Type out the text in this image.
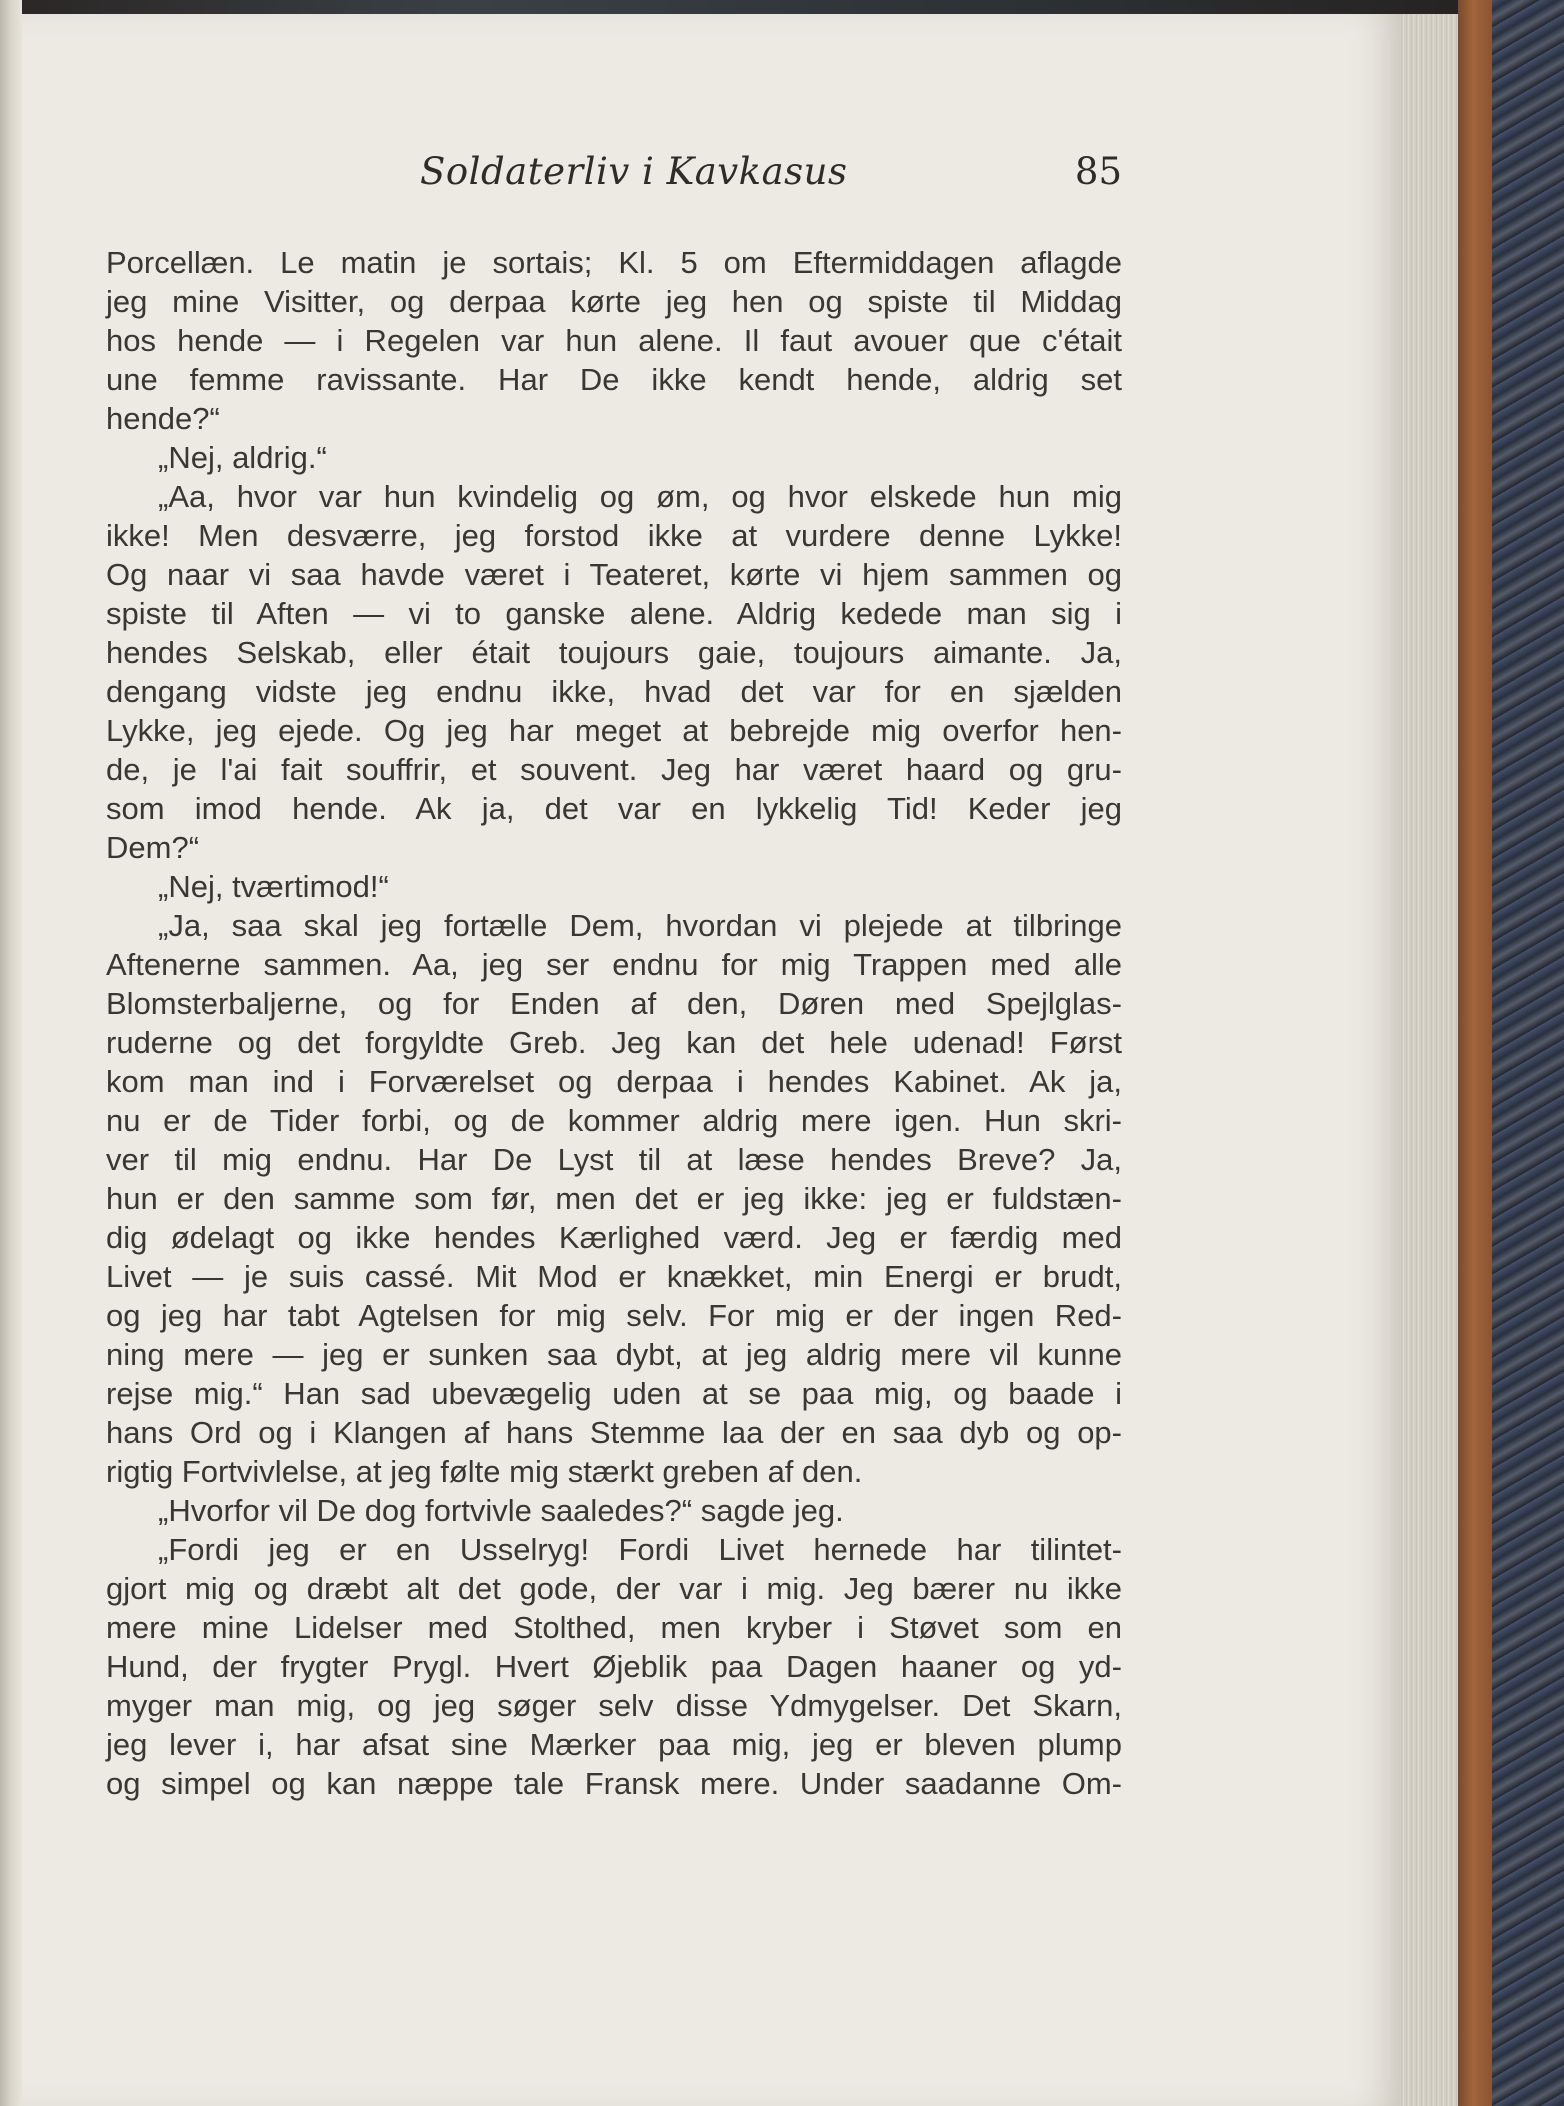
Soldaterliv i Kavkasus	85
Porcellæn. Le matin je sortais; Kl. 5 om Eftermiddagen aflagde
jeg mine Visitter, og derpaa kørte jeg hen og spiste til Middag
hos hende — i Regelen var hun alene. Il faut avouer que c'était
une femme ravissante. Har De ikke kendt hende, aldrig set
hende?“
„Nej, aldrig.“
„Aa, hvor var hun kvindelig og øm, og hvor elskede hun mig
ikke! Men desværre, jeg forstod ikke at vurdere denne Lykke!
Og naar vi saa havde været i Teateret, kørte vi hjem sammen og
spiste til Aften — vi to ganske alene. Aldrig kedede man sig i
hendes Selskab, eller était toujours gaie, toujours aimante. Ja,
dengang vidste jeg endnu ikke, hvad det var for en sjælden
Lykke, jeg ejede. Og jeg har meget at bebrejde mig overfor hen-
de, je l'ai fait souffrir, et souvent. Jeg har været haard og gru-
som imod hende. Ak ja, det var en lykkelig Tid! Keder jeg
Dem?“
„Nej, tværtimod!“
„Ja, saa skal jeg fortælle Dem, hvordan vi plejede at tilbringe
Aftenerne sammen. Aa, jeg ser endnu for mig Trappen med alle
Blomsterbaljerne, og for Enden af den, Døren med Spejlglas-
ruderne og det forgyldte Greb. Jeg kan det hele udenad! Først
kom man ind i Forværelset og derpaa i hendes Kabinet. Ak ja,
nu er de Tider forbi, og de kommer aldrig mere igen. Hun skri-
ver til mig endnu. Har De Lyst til at læse hendes Breve? Ja,
hun er den samme som før, men det er jeg ikke: jeg er fuldstæn-
dig ødelagt og ikke hendes Kærlighed værd. Jeg er færdig med
Livet — je suis cassé. Mit Mod er knækket, min Energi er brudt,
og jeg har tabt Agtelsen for mig selv. For mig er der ingen Red-
ning mere — jeg er sunken saa dybt, at jeg aldrig mere vil kunne
rejse mig.“ Han sad ubevægelig uden at se paa mig, og baade i
hans Ord og i Klangen af hans Stemme laa der en saa dyb og op-
rigtig Fortvivlelse, at jeg følte mig stærkt greben af den.
„Hvorfor vil De dog fortvivle saaledes?“ sagde jeg.
„Fordi jeg er en Usselryg! Fordi Livet hernede har tilintet-
gjort mig og dræbt alt det gode, der var i mig. Jeg bærer nu ikke
mere mine Lidelser med Stolthed, men kryber i Støvet som en
Hund, der frygter Prygl. Hvert Øjeblik paa Dagen haaner og yd-
myger man mig, og jeg søger selv disse Ydmygelser. Det Skarn,
jeg lever i, har afsat sine Mærker paa mig, jeg er bleven plump
og simpel og kan næppe tale Fransk mere. Under saadanne Om-
